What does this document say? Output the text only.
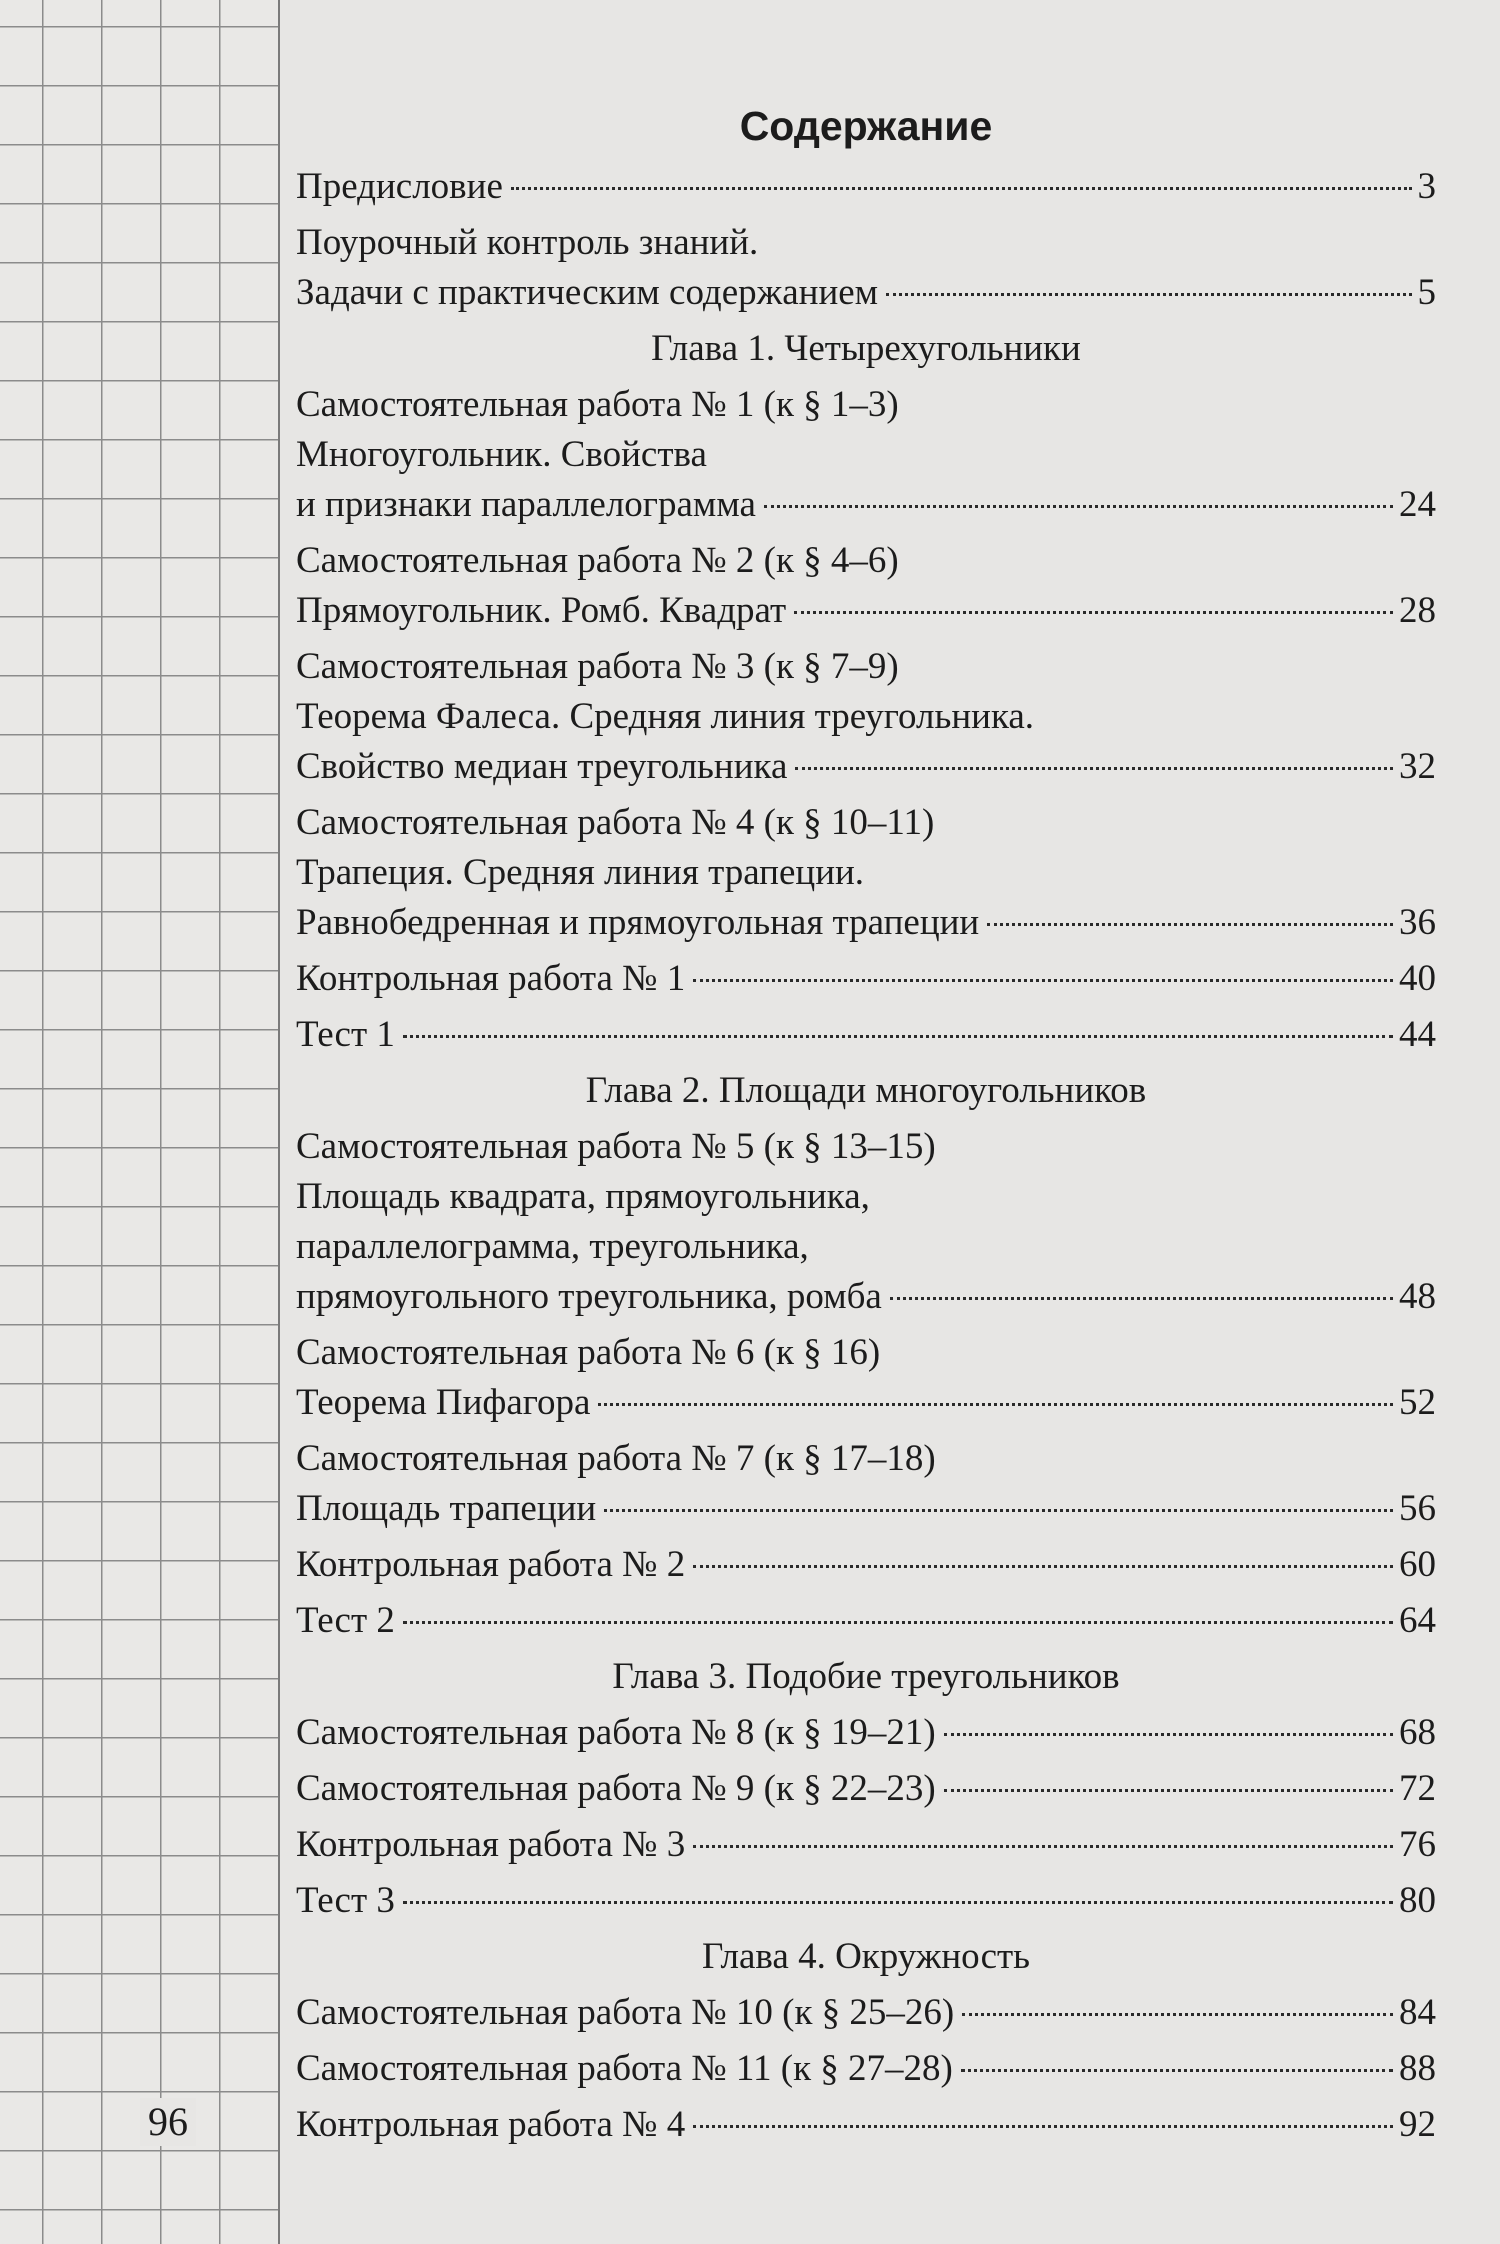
96
Содержание
Предисловие	3
Поурочный контроль знаний.
Задачи с практическим содержанием	5
Глава 1. Четырехугольники
Самостоятельная работа № 1 (к § 1–3)
Многоугольник. Свойства
и признаки параллелограмма	24
Самостоятельная работа № 2 (к § 4–6)
Прямоугольник. Ромб. Квадрат	28
Самостоятельная работа № 3 (к § 7–9)
Теорема Фалеса. Средняя линия треугольника.
Свойство медиан треугольника	32
Самостоятельная работа № 4 (к § 10–11)
Трапеция. Средняя линия трапеции.
Равнобедренная и прямоугольная трапеции	36
Контрольная работа № 1	40
Тест 1	44
Глава 2. Площади многоугольников
Самостоятельная работа № 5 (к § 13–15)
Площадь квадрата, прямоугольника,
параллелограмма, треугольника,
прямоугольного треугольника, ромба	48
Самостоятельная работа № 6 (к § 16)
Теорема Пифагора	52
Самостоятельная работа № 7 (к § 17–18)
Площадь трапеции	56
Контрольная работа № 2	60
Тест 2	64
Глава 3. Подобие треугольников
Самостоятельная работа № 8 (к § 19–21)	68
Самостоятельная работа № 9 (к § 22–23)	72
Контрольная работа № 3	76
Тест 3	80
Глава 4. Окружность
Самостоятельная работа № 10 (к § 25–26)	84
Самостоятельная работа № 11 (к § 27–28)	88
Контрольная работа № 4	92
